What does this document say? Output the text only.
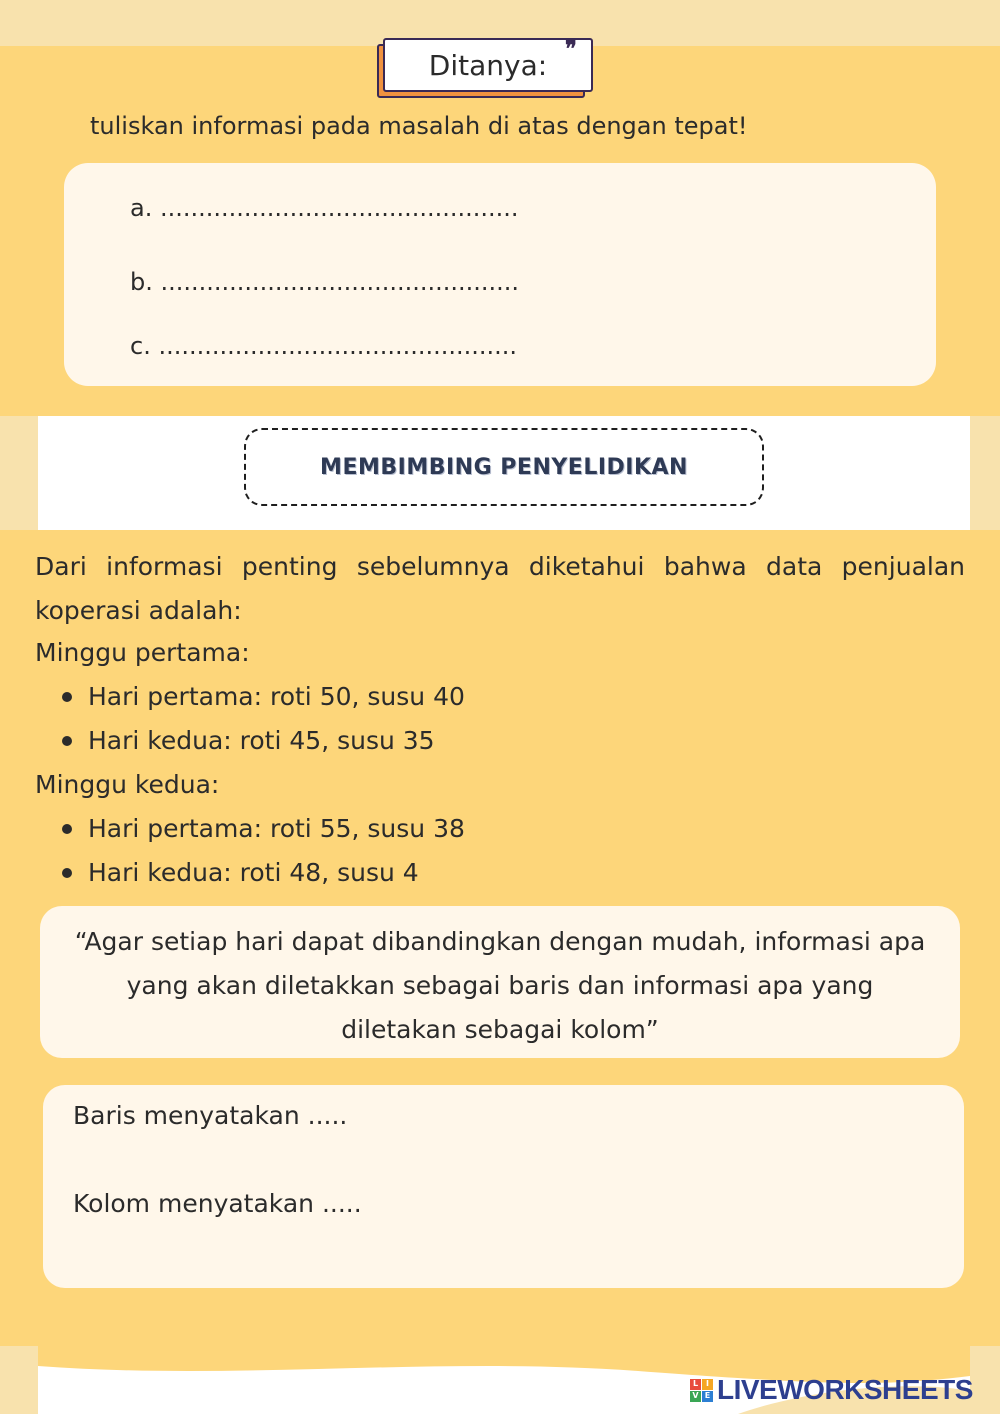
Ditanya: ❞
tuliskan informasi pada masalah di atas dengan tepat!
a. ...............................................
b. ...............................................
c. ...............................................
MEMBIMBING PENYELIDIKAN
Dari informasi penting sebelumnya diketahui bahwa data penjualan koperasi adalah:
Minggu pertama:
Hari pertama: roti 50, susu 40
Hari kedua: roti 45, susu 35
Minggu kedua:
Hari pertama: roti 55, susu 38
Hari kedua: roti 48, susu 4
“Agar setiap hari dapat dibandingkan dengan mudah, informasi apa yang akan diletakkan sebagai baris dan informasi apa yang diletakan sebagai kolom”
Baris menyatakan .....
Kolom menyatakan .....
L I
V E LIVEWORKSHEETS
